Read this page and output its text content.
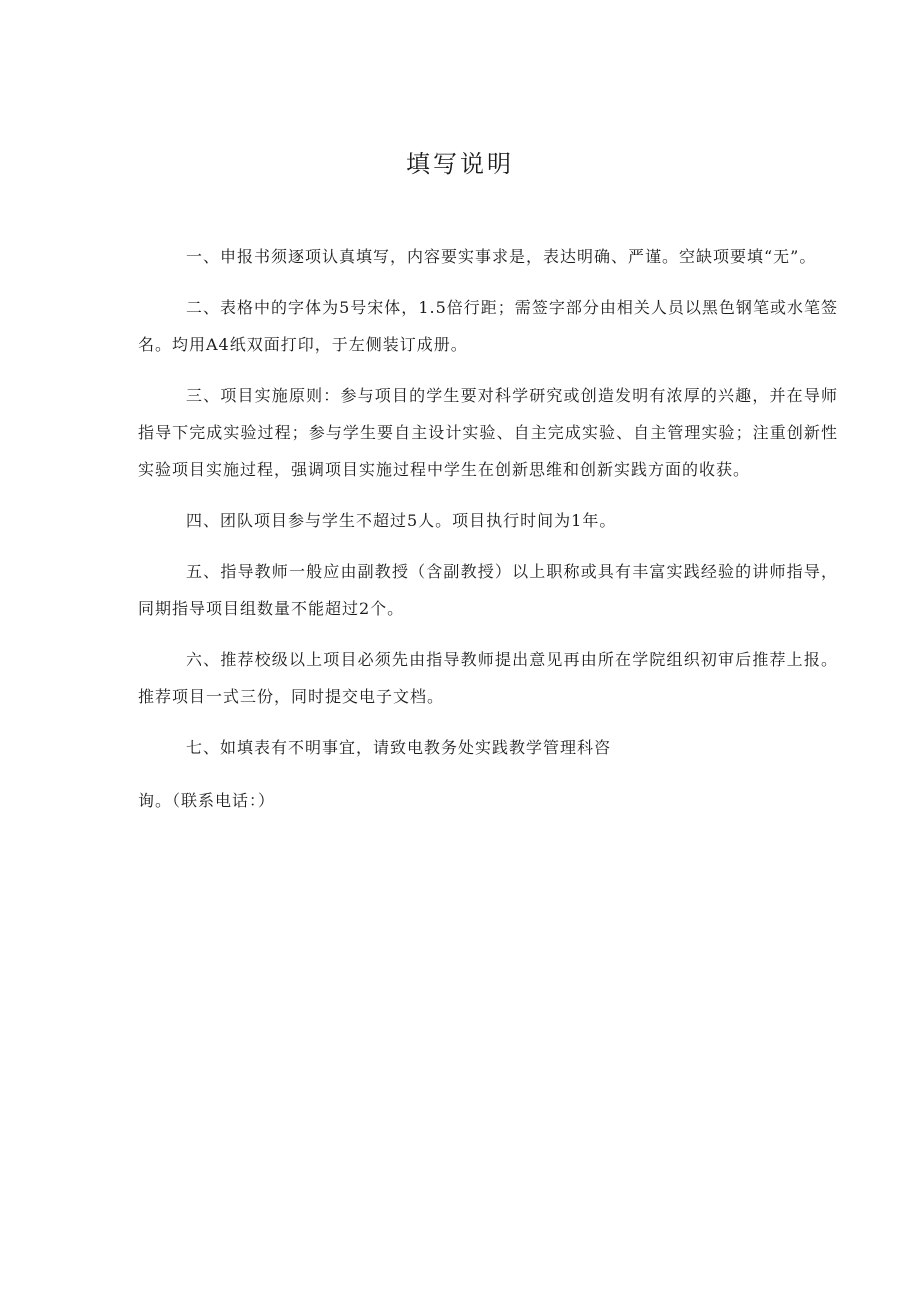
填写说明

一、申报书须逐项认真填写，内容要实事求是，表达明确、严谨。空缺项要填“无”。

二、表格中的字体为5号宋体，1.5倍行距；需签字部分由相关人员以黑色钢笔或水笔签名。均用A4纸双面打印，于左侧装订成册。

三、项目实施原则：参与项目的学生要对科学研究或创造发明有浓厚的兴趣，并在导师指导下完成实验过程；参与学生要自主设计实验、自主完成实验、自主管理实验；注重创新性实验项目实施过程，强调项目实施过程中学生在创新思维和创新实践方面的收获。

四、团队项目参与学生不超过5人。项目执行时间为1年。

五、指导教师一般应由副教授（含副教授）以上职称或具有丰富实践经验的讲师指导，同期指导项目组数量不能超过2个。

六、推荐校级以上项目必须先由指导教师提出意见再由所在学院组织初审后推荐上报。推荐项目一式三份，同时提交电子文档。

七、如填表有不明事宜，请致电教务处实践教学管理科咨

询。（联系电话：）
